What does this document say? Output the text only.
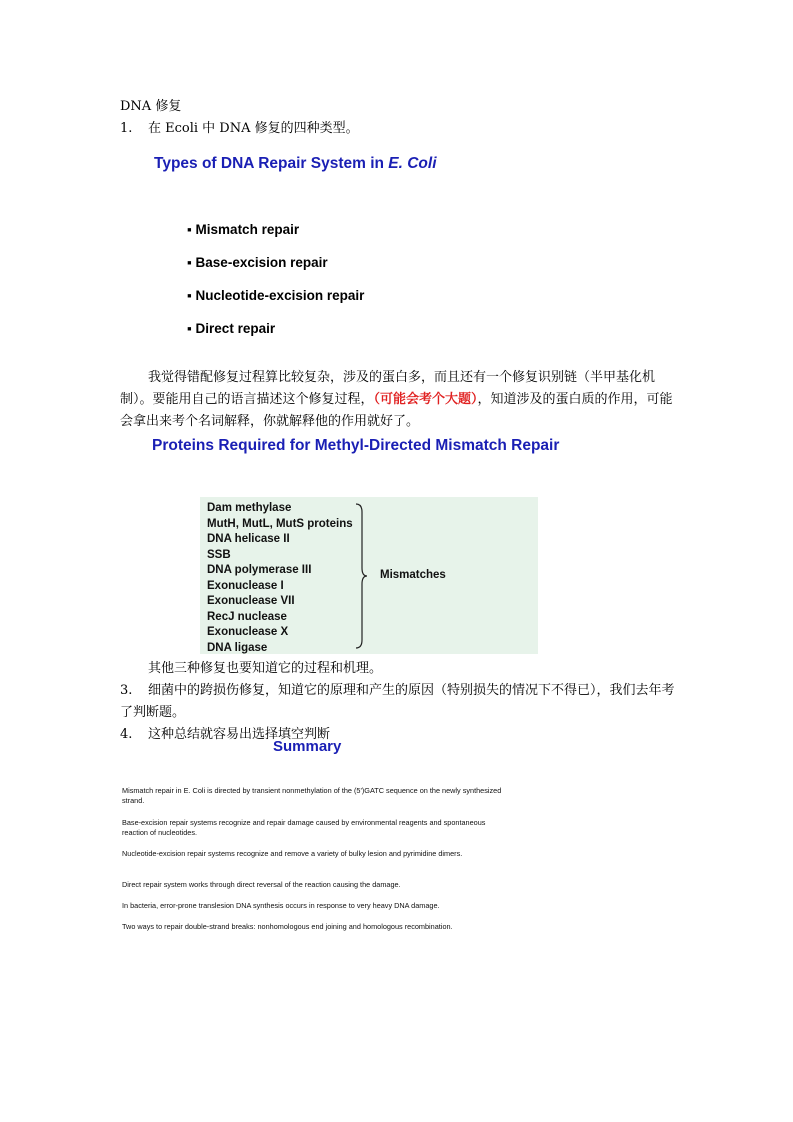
DNA 修复
1. 在 Ecoli 中 DNA 修复的四种类型。
Types of DNA Repair System in E. Coli
▪ Mismatch repair
▪ Base-excision repair
▪ Nucleotide-excision repair
▪ Direct repair
我觉得错配修复过程算比较复杂，涉及的蛋白多，而且还有一个修复识别链（半甲基化机制）。要能用自己的语言描述这个修复过程，（可能会考个大题），知道涉及的蛋白质的作用，可能会拿出来考个名词解释，你就解释他的作用就好了。
Proteins Required for Methyl-Directed Mismatch Repair
Dam methylase
MutH, MutL, MutS proteins
DNA helicase II
SSB
DNA polymerase III
Exonuclease I
Exonuclease VII
RecJ nuclease
Exonuclease X
DNA ligase
Mismatches
其他三种修复也要知道它的过程和机理。
3. 细菌中的跨损伤修复，知道它的原理和产生的原因（特别损失的情况下不得已），我们去年考了判断题。
4. 这种总结就容易出选择填空判断
Summary
Mismatch repair in E. Coli is directed by transient nonmethylation of the (5')GATC sequence on the newly synthesized strand.
Base-excision repair systems recognize and repair damage caused by environmental reagents and spontaneous reaction of nucleotides.
Nucleotide-excision repair systems recognize and remove a variety of bulky lesion and pyrimidine dimers.
Direct repair system works through direct reversal of the reaction causing the damage.
In bacteria, error-prone translesion DNA synthesis occurs in response to very heavy DNA damage.
Two ways to repair double-strand breaks: nonhomologous end joining and homologous recombination.
